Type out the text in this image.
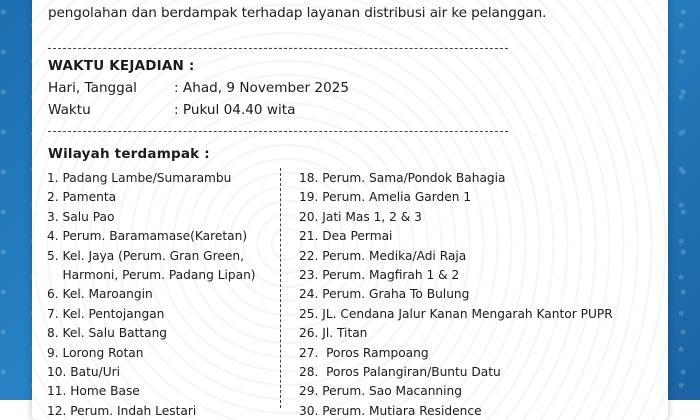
pengolahan dan berdampak terhadap layanan distribusi air ke pelanggan.

WAKTU KEJADIAN :
Hari, Tanggal	: Ahad, 9 November 2025
Waktu	: Pukul 04.40 wita
Wilayah terdampak :
1. Padang Lambe/Sumarambu
2. Pamenta
3. Salu Pao
4. Perum. Baramamase(Karetan)
5. Kel. Jaya (Perum. Gran Green,
Harmoni, Perum. Padang Lipan)
6. Kel. Maroangin
7. Kel. Pentojangan
8. Kel. Salu Battang
9. Lorong Rotan
10. Batu/Uri
11. Home Base
12. Perum. Indah Lestari
18. Perum. Sama/Pondok Bahagia
19. Perum. Amelia Garden 1
20. Jati Mas 1, 2 & 3
21. Dea Permai
22. Perum. Medika/Adi Raja
23. Perum. Magfirah 1 & 2
24. Perum. Graha To Bulung
25. JL. Cendana Jalur Kanan Mengarah Kantor PUPR
26. Jl. Titan
27.  Poros Rampoang
28.  Poros Palangiran/Buntu Datu
29. Perum. Sao Macanning
30. Perum. Mutiara Residence
